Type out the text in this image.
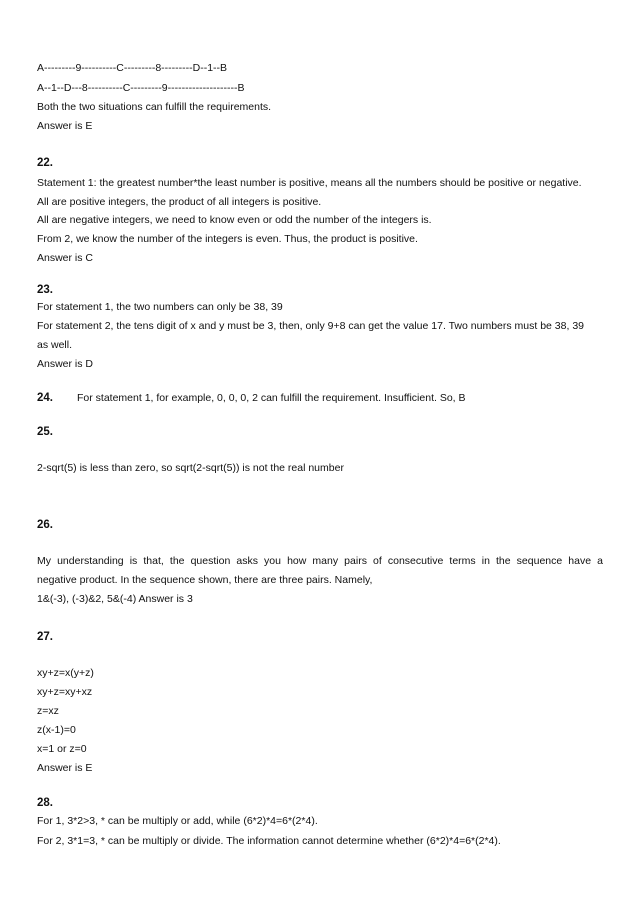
A---------9----------C---------8---------D--1--B
A--1--D---8----------C---------9--------------------B
Both the two situations can fulfill the requirements.
Answer is E
22.
Statement 1: the greatest number*the least number is positive, means all the numbers should be positive or negative.
All are positive integers, the product of all integers is positive.
All are negative integers, we need to know even or odd the number of the integers is.
From 2, we know the number of the integers is even. Thus, the product is positive.
Answer is C
23.
For statement 1, the two numbers can only be 38, 39
For statement 2, the tens digit of x and y must be 3, then, only 9+8 can get the value 17. Two numbers must be 38, 39
as well.
Answer is D
24. For statement 1, for example, 0, 0, 0, 2 can fulfill the requirement. Insufficient. So, B
25.
2-sqrt(5) is less than zero, so sqrt(2-sqrt(5)) is not the real number
26.
My understanding is that, the question asks you how many pairs of consecutive terms in the sequence have a
negative product. In the sequence shown, there are three pairs. Namely,
1&(-3), (-3)&2, 5&(-4) Answer is 3
27.
xy+z=x(y+z)
xy+z=xy+xz
z=xz
z(x-1)=0
x=1 or z=0
Answer is E
28.
For 1, 3*2>3, * can be multiply or add, while (6*2)*4=6*(2*4).
For 2, 3*1=3, * can be multiply or divide. The information cannot determine whether (6*2)*4=6*(2*4).
